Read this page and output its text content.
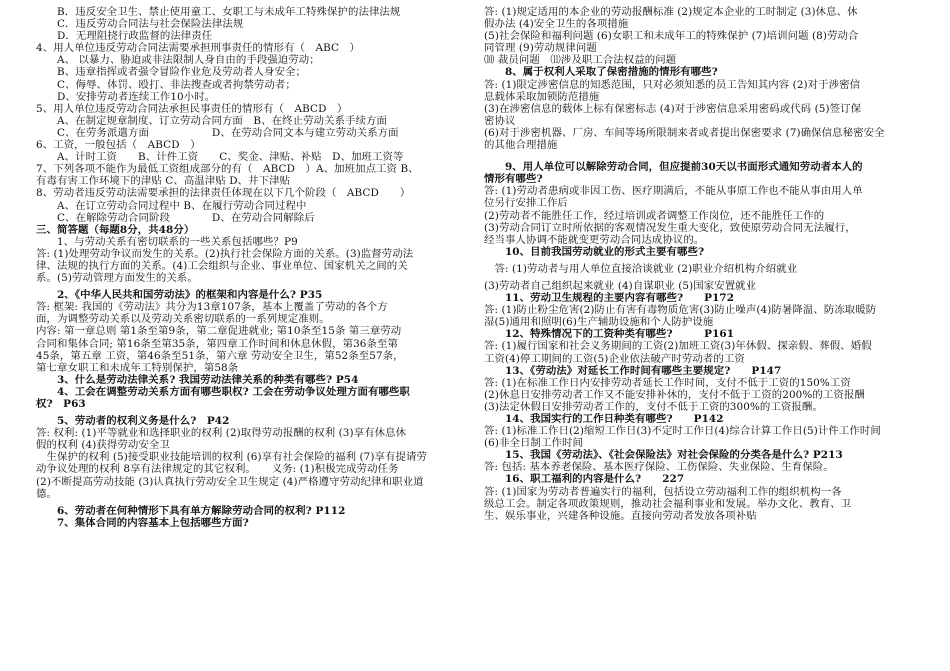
　　B．违反安全卫生、禁止使用童工、女职工与未成年工特殊保护的法律法规
　　C．违反劳动合同法与社会保险法律法规
　　D．无理阻挠行政监督的法律责任
4、用人单位违反劳动合同法需要承担刑事责任的情形有（　ABC　）
　　A、 以暴力、胁迫或非法限制人身自由的手段强迫劳动；
　　B、违章指挥或者强令冒险作业危及劳动者人身安全；
　　C、侮辱、体罚、殴打、非法搜查或者拘禁劳动者；
　　D、安排劳动者连续工作10小时。
5、用人单位违反劳动合同法承担民事责任的情形有（　ABCD　）
　　A、在制定规章制度、订立劳动合同方面　B、在终止劳动关系手续方面
　　C、在劳务派遣方面　　　　　　D、在劳动合同文本与建立劳动关系方面
6、工资，一般包括（　ABCD　）
　　A、计时工资　　B、计件工资　　C、奖金、津贴、补贴　D、加班工资等
7、下列各项不能作为最低工资组成部分的有（　ABCD　）A、加班加点工资 B、
有毒有害工作环境下的津贴 C、高温津贴 D、井下津贴
8、劳动者违反劳动法需要承担的法律责任体现在以下几个阶段（　ABCD　　）
　　A、在订立劳动合同过程中 B、在履行劳动合同过程中
　　C、在解除劳动合同阶段　　　　D、在劳动合同解除后
三、简答题（每题8分，共48分）
　　1、与劳动关系有密切联系的一些关系包括哪些？P9
答: (1)处理劳动争议而发生的关系。(2)执行社会保险方面的关系。(3)监督劳动法
律、法规的执行方面的关系。(4)工会组织与企业、事业单位、国家机关之间的关
系。(5)劳动管理方面发生的关系。
　　2、《中华人民共和国劳动法》的框架和内容是什么? P35
答: 框架: 我国的《劳动法》共分为13章107条，基本上覆盖了劳动的各个方
面，为调整劳动关系以及劳动关系密切联系的一系列规定准则。
内容: 第一章总则 第1条至第9条，第二章促进就业; 第10条至15条 第三章劳动
合同和集体合同; 第16条至第35条，第四章工作时间和休息休假，第36条至第
45条，第五章 工资，第46条至51条，第六章 劳动安全卫生，第52条至57条，
第七章女职工和未成年工特别保护，第58条
　　3、什么是劳动法律关系? 我国劳动法律关系的种类有哪些? P54
　　4、工会在调整劳动关系方面有哪些职权? 工会在劳动争议处理方面有哪些职
权?　P63
　　5、劳动者的权利义务是什么?　P42
答: 权利: (1)平等就业和选择职业的权利 (2)取得劳动报酬的权利 (3)享有休息休
假的权利 (4)获得劳动安全卫
　生保护的权利 (5)接受职业技能培训的权利 (6)享有社会保险的福利 (7)享有提请劳
动争议处理的权利 8享有法律规定的其它权利。　　义务: (1)积极完成劳动任务
(2)不断提高劳动技能 (3)认真执行劳动安全卫生规定 (4)严格遵守劳动纪律和职业道
德。
　　6、劳动者在何种情形下具有单方解除劳动合同的权利? P112
　　7、集体合同的内容基本上包括哪些方面?
答: (1)规定适用的本企业的劳动报酬标准 (2)规定本企业的工时制定 (3)休息、休
假办法 (4)安全卫生的各项措施
(5)社会保险和福利问题 (6)女职工和未成年工的特殊保护 (7)培训问题 (8)劳动合
同管理 (9)劳动规律问题
⑽ 裁员问题　⑾涉及职工合法权益的问题
　　8、属于权利人采取了保密措施的情形有哪些?
答: (1)限定涉密信息的知悉范围，只对必须知悉的员工告知其内容 (2)对于涉密信
息载体采取加锁防范措施
(3)在涉密信息的载体上标有保密标志 (4)对于涉密信息采用密码或代码 (5)签订保
密协议
(6)对于涉密机器、厂房、车间等场所限制来者或者提出保密要求 (7)确保信息秘密安全
的其他合理措施
　　9、用人单位可以解除劳动合同，但应提前30天以书面形式通知劳动者本人的
情形有哪些?
答: (1)劳动者患病或非因工伤、医疗期满后，不能从事原工作也不能从事由用人单
位另行安排工作后
(2)劳动者不能胜任工作，经过培训或者调整工作岗位，还不能胜任工作的
(3)劳动合同订立时所依据的客观情况发生重大变化，致使原劳动合同无法履行，
经当事人协调不能就变更劳动合同达成协议的。
　　10、目前我国劳动就业的形式主要有哪些?
　答: (1)劳动者与用人单位直接洽谈就业 (2)职业介绍机构介绍就业
(3)劳动者自己组织起来就业 (4)自谋职业 (5)国家安置就业
　　11、劳动卫生规程的主要内容有哪些?　　P172
答: (1)防止粉尘危害(2)防止有害有毒物质危害(3)防止噪声(4)防暑降温、防冻取暖防
湿(5)通用和照明(6)生产辅助设施和个人防护设施
　　12、特殊情况下的工资种类有哪些?　　　P161
答: (1)履行国家和社会义务期间的工资(2)加班工资(3)年休假、探亲假、葬假、婚假
工资(4)停工期间的工资(5)企业依法破产时劳动者的工资
　　13、《劳动法》对延长工作时间有哪些主要规定?　　P147
答: (1)在标准工作日内安排劳动者延长工作时间，支付不低于工资的150%工资
(2)休息日安排劳动者工作又不能安排补休的，支付不低于工资的200%的工资报酬
(3)法定休假日安排劳动者工作的，支付不低于工资的300%的工资报酬。
　　14、我国实行的工作日种类有哪些?　　P142
答: (1)标准工作日(2)缩短工作日(3)不定时工作日(4)综合计算工作日(5)计件工作时间
(6)非全日制工作时间
　　15、我国《劳动法》、《社会保险法》对社会保险的分类各是什么? P213
答: 包括: 基本养老保险、基本医疗保险、工伤保险、失业保险、生育保险。
　　16、职工福利的内容是什么?　　227
答: (1)国家为劳动者普遍实行的福利，包括设立劳动福利工作的组织机构一各
级总工会。制定各项政策规则，推动社会福利事业和发展。举办文化、教育、卫
生、娱乐事业，兴建各种设施。直接向劳动者发放各项补贴
